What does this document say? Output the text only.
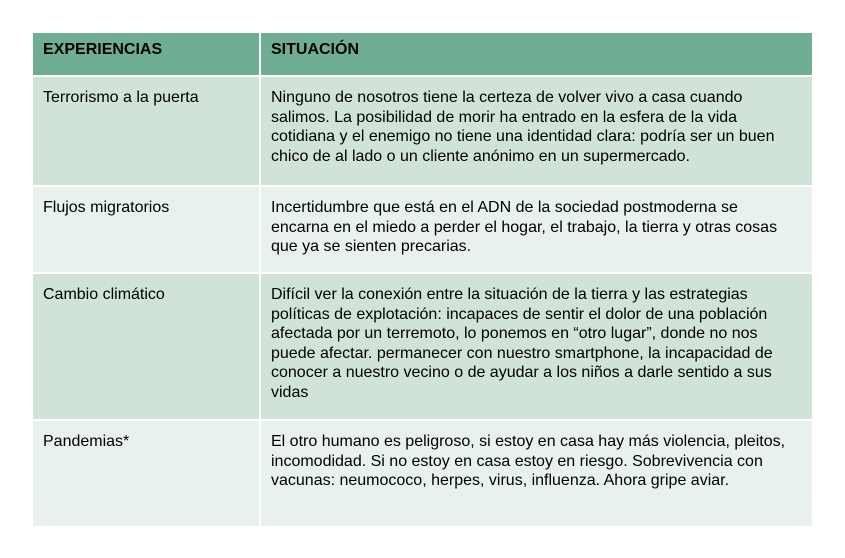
EXPERIENCIAS	SITUACIÓN
Terrorismo a la puerta	Ninguno de nosotros tiene la certeza de volver vivo a casa cuando salimos. La posibilidad de morir ha entrado en la esfera de la vida cotidiana y el enemigo no tiene una identidad clara: podría ser un buen chico de al lado o un cliente anónimo en un supermercado.
Flujos migratorios	Incertidumbre que está en el ADN de la sociedad postmoderna se encarna en el miedo a perder el hogar, el trabajo, la tierra y otras cosas que ya se sienten precarias.
Cambio climático	Difícil ver la conexión entre la situación de la tierra y las estrategias políticas de explotación: incapaces de sentir el dolor de una población afectada por un terremoto, lo ponemos en “otro lugar”, donde no nos puede afectar. permanecer con nuestro smartphone, la incapacidad de conocer a nuestro vecino o de ayudar a los niños a darle sentido a sus vidas
Pandemias*	El otro humano es peligroso, si estoy en casa hay más violencia, pleitos, incomodidad. Si no estoy en casa estoy en riesgo. Sobrevivencia con vacunas: neumococo, herpes, virus, influenza. Ahora gripe aviar.
